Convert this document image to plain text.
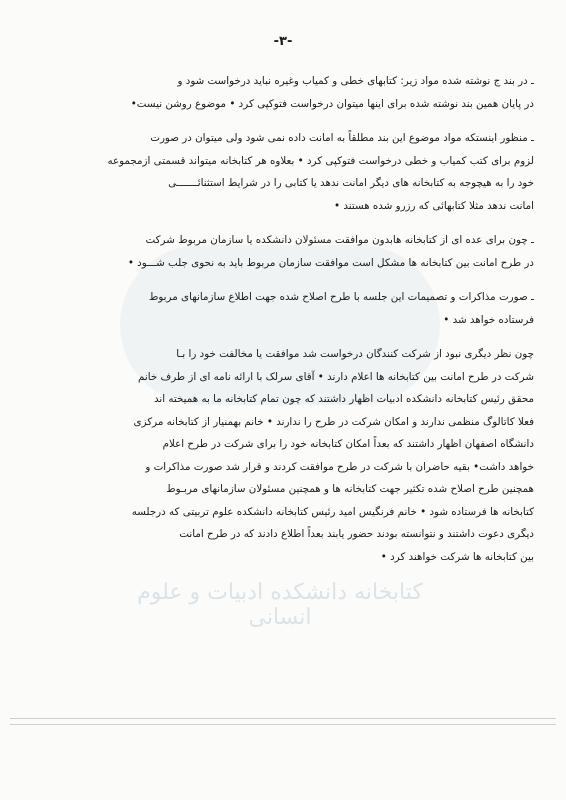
کتابخانه دانشکده ادبیات و علوم انسانی
-۳-

ـ در بند ج نوشته شده مواد زیر: کتابهای خطی و کمیاب وغیره نباید درخواست شود و
در پایان همین بند نوشته شده برای اینها میتوان درخواست فتوکپی کرد • موضوع روشن نیست•

ـ منظور اینستکه مواد موضوع این بند مطلقاً به امانت داده نمی شود ولی میتوان در صورت
لزوم برای کتب کمیاب و خطی درخواست فتوکپی کرد • بعلاوه هر کتابخانه میتواند قسمتی ازمجموعه
خود را به هیچوجه به کتابخانه های دیگر امانت ندهد یا کتابی را در شرایط استثنائـــــــی
امانت ندهد مثلا کتابهائی که رزرو شده هستند •

ـ چون برای عده ای از کتابخانه هابدون موافقت مسئولان دانشکده یا سازمان مربوط شرکت
در طرح امانت بین کتابخانه ها مشکل است موافقت سازمان مربوط باید به نحوی جلب شـــود •

ـ صورت مذاکرات و تصمیمات این جلسه با طرح اصلاح شده جهت اطلاع سازمانهای مربوط
فرستاده خواهد شد •

چون نظر دیگری نبود از شرکت کنندگان درخواست شد موافقت یا مخالفت خود را بـا
شرکت در طرح امانت بین کتابخانه ها اعلام دارند • آقای سرلک با ارائه نامه ای از طرف خانم
محقق رئیس کتابخانه دانشکده ادبیات اظهار داشتند که چون تمام کتابخانه ما به همیخته اند
فعلا کاتالوگ منظمی ندارند و امکان شرکت در طرح را ندارند • خانم بهمنیار از کتابخانه مرکزی
دانشگاه اصفهان اظهار داشتند که بعداً امکان کتابخانه خود را برای شرکت در طرح اعلام
خواهد داشت• بقیه حاضران با شرکت در طرح موافقت کردند و قرار شد صورت مذاکرات و
همچنین طرح اصلاح شده تکثیر جهت کتابخانه ها و همچنین مسئولان سازمانهای مربـوط
کتابخانه ها فرستاده شود • خانم فرنگیس امید رئیس کتابخانه دانشکده علوم تربیتی که درجلسه
دیگری دعوت داشتند و نتوانسته بودند حضور یابند بعداً اطلاع دادند که در طرح امانت
بین کتابخانه ها شرکت خواهند کرد •
